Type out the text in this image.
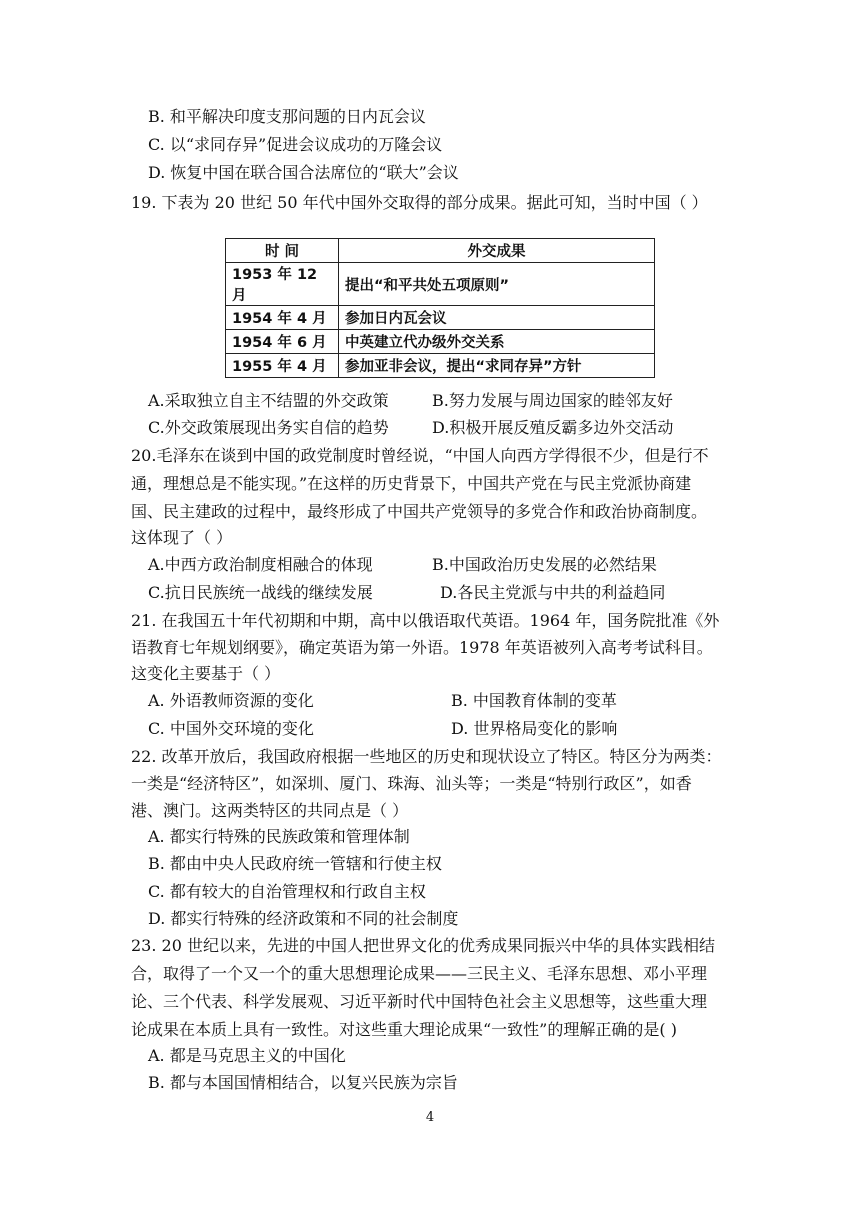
B. 和平解决印度支那问题的日内瓦会议
C. 以“求同存异”促进会议成功的万隆会议
D. 恢复中国在联合国合法席位的“联大”会议
19. 下表为 20 世纪 50 年代中国外交取得的部分成果。据此可知，当时中国（ ）
时 间	外交成果
1953 年 12 月	提出“和平共处五项原则”
1954 年 4 月	参加日内瓦会议
1954 年 6 月	中英建立代办级外交关系
1955 年 4 月	参加亚非会议，提出“求同存异”方针
A.采取独立自主不结盟的外交政策	B.努力发展与周边国家的睦邻友好
C.外交政策展现出务实自信的趋势	D.积极开展反殖反霸多边外交活动
20.毛泽东在谈到中国的政党制度时曾经说，“中国人向西方学得很不少，但是行不
通，理想总是不能实现。”在这样的历史背景下，中国共产党在与民主党派协商建
国、民主建政的过程中，最终形成了中国共产党领导的多党合作和政治协商制度。
这体现了（ ）
A.中西方政治制度相融合的体现	B.中国政治历史发展的必然结果
C.抗日民族统一战线的继续发展	D.各民主党派与中共的利益趋同
21. 在我国五十年代初期和中期，高中以俄语取代英语。1964 年，国务院批准《外
语教育七年规划纲要》，确定英语为第一外语。1978 年英语被列入高考考试科目。
这变化主要基于（ ）
A. 外语教师资源的变化	B. 中国教育体制的变革
C. 中国外交环境的变化	D. 世界格局变化的影响
22. 改革开放后，我国政府根据一些地区的历史和现状设立了特区。特区分为两类：
一类是“经济特区”，如深圳、厦门、珠海、汕头等；一类是“特别行政区”，如香
港、澳门。这两类特区的共同点是（ ）
A. 都实行特殊的民族政策和管理体制
B. 都由中央人民政府统一管辖和行使主权
C. 都有较大的自治管理权和行政自主权
D. 都实行特殊的经济政策和不同的社会制度
23. 20 世纪以来，先进的中国人把世界文化的优秀成果同振兴中华的具体实践相结
合，取得了一个又一个的重大思想理论成果——三民主义、毛泽东思想、邓小平理
论、三个代表、科学发展观、习近平新时代中国特色社会主义思想等，这些重大理
论成果在本质上具有一致性。对这些重大理论成果“一致性”的理解正确的是( )
A. 都是马克思主义的中国化
B. 都与本国国情相结合，以复兴民族为宗旨
4
